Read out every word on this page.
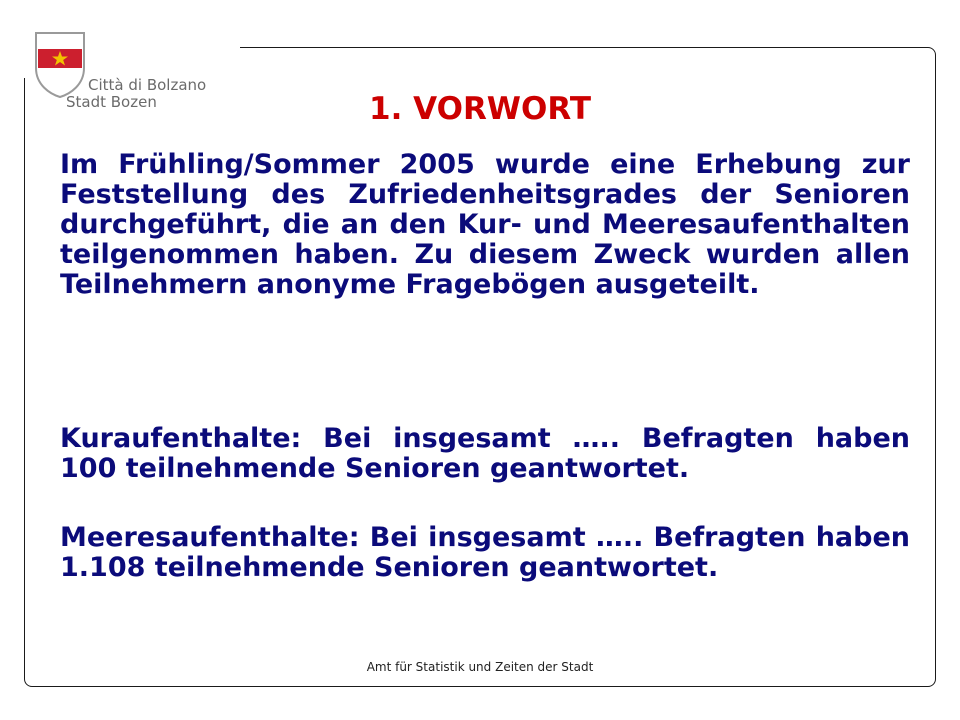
Città di Bolzano
Stadt Bozen	1. VORWORT

Im Frühling/Sommer 2005 wurde eine Erhebung zur Feststellung des Zufriedenheitsgrades der Senioren durchgeführt, die an den Kur- und Meeresaufenthalten teilgenommen haben. Zu diesem Zweck wurden allen Teilnehmern anonyme Fragebögen ausgeteilt.

Kuraufenthalte: Bei insgesamt ….. Befragten haben 100 teilnehmende Senioren geantwortet.

Meeresaufenthalte: Bei insgesamt ….. Befragten haben 1.108 teilnehmende Senioren geantwortet.

Amt für Statistik und Zeiten der Stadt
